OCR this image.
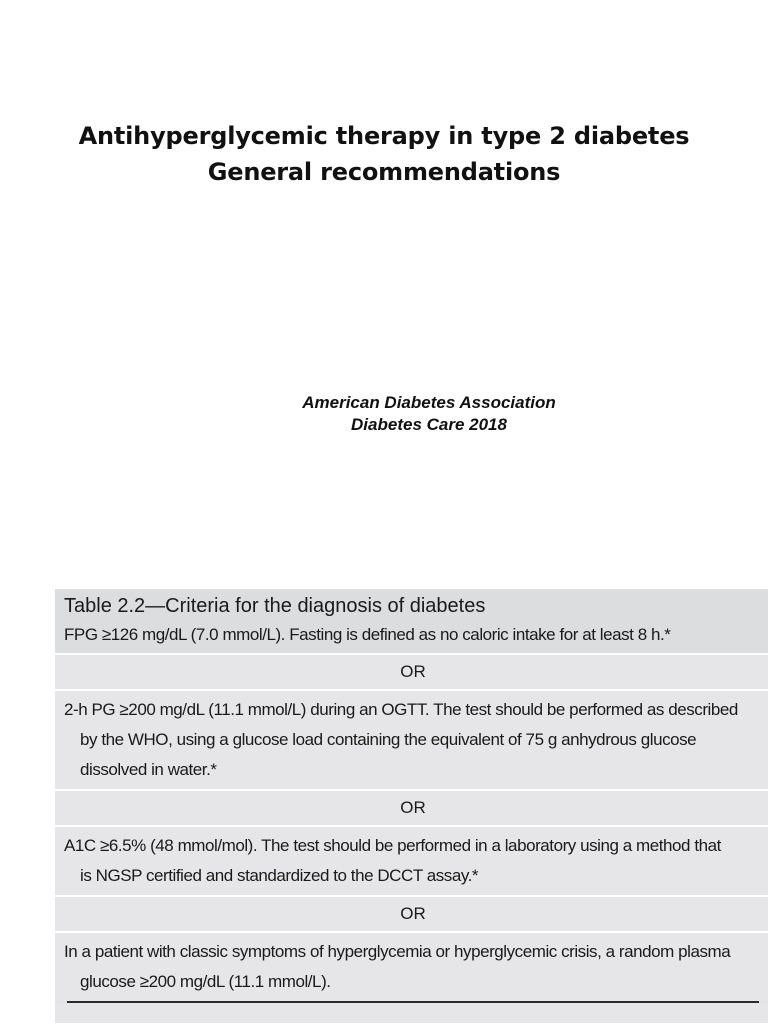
Antihyperglycemic therapy in type 2 diabetes
General recommendations
American Diabetes Association
Diabetes Care 2018
Table 2.2—Criteria for the diagnosis of diabetes
FPG ≥126 mg/dL (7.0 mmol/L). Fasting is defined as no caloric intake for at least 8 h.*
OR
2-h PG ≥200 mg/dL (11.1 mmol/L) during an OGTT. The test should be performed as described
by the WHO, using a glucose load containing the equivalent of 75 g anhydrous glucose
dissolved in water.*
OR
A1C ≥6.5% (48 mmol/mol). The test should be performed in a laboratory using a method that
is NGSP certified and standardized to the DCCT assay.*
OR
In a patient with classic symptoms of hyperglycemia or hyperglycemic crisis, a random plasma
glucose ≥200 mg/dL (11.1 mmol/L).
